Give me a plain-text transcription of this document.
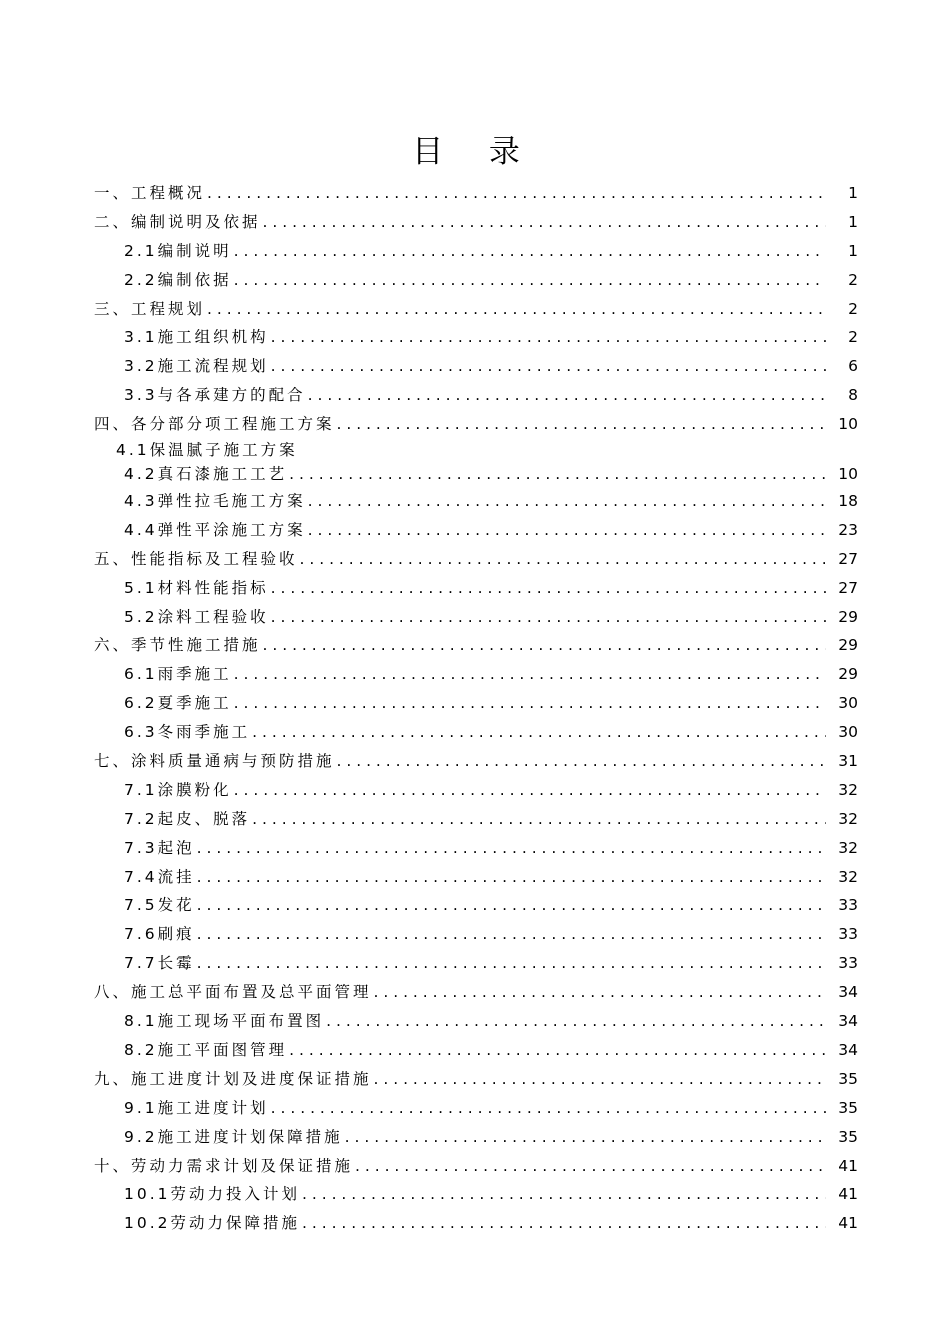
目 录
一、工程概况 . . .	1
二、编制说明及依据 . . .	1
2.1编制说明 . . .	1
2.2编制依据 . . .	2
三、工程规划 . . .	2
3.1施工组织机构 . . .	2
3.2施工流程规划 . . .	6
3.3与各承建方的配合 . . .	8
四、各分部分项工程施工方案 . . .	10
4.1保温腻子施工方案
4.2真石漆施工工艺 . . .	10
4.3弹性拉毛施工方案 . . .	18
4.4弹性平涂施工方案 . . .	23
五、性能指标及工程验收 . . .	27
5.1材料性能指标 . . .	27
5.2涂料工程验收 . . .	29
六、季节性施工措施 . . .	29
6.1雨季施工 . . .	29
6.2夏季施工 . . .	30
6.3冬雨季施工 . . .	30
七、涂料质量通病与预防措施 . . .	31
7.1涂膜粉化 . . .	32
7.2起皮、脱落 . . .	32
7.3起泡 . . .	32
7.4流挂 . . .	32
7.5发花 . . .	33
7.6刷痕 . . .	33
7.7长霉 . . .	33
八、施工总平面布置及总平面管理 . . .	34
8.1施工现场平面布置图 . . .	34
8.2施工平面图管理 . . .	34
九、施工进度计划及进度保证措施 . . .	35
9.1施工进度计划 . . .	35
9.2施工进度计划保障措施 . . .	35
十、劳动力需求计划及保证措施 . . .	41
10.1劳动力投入计划 . . .	41
10.2劳动力保障措施 . . .	41
